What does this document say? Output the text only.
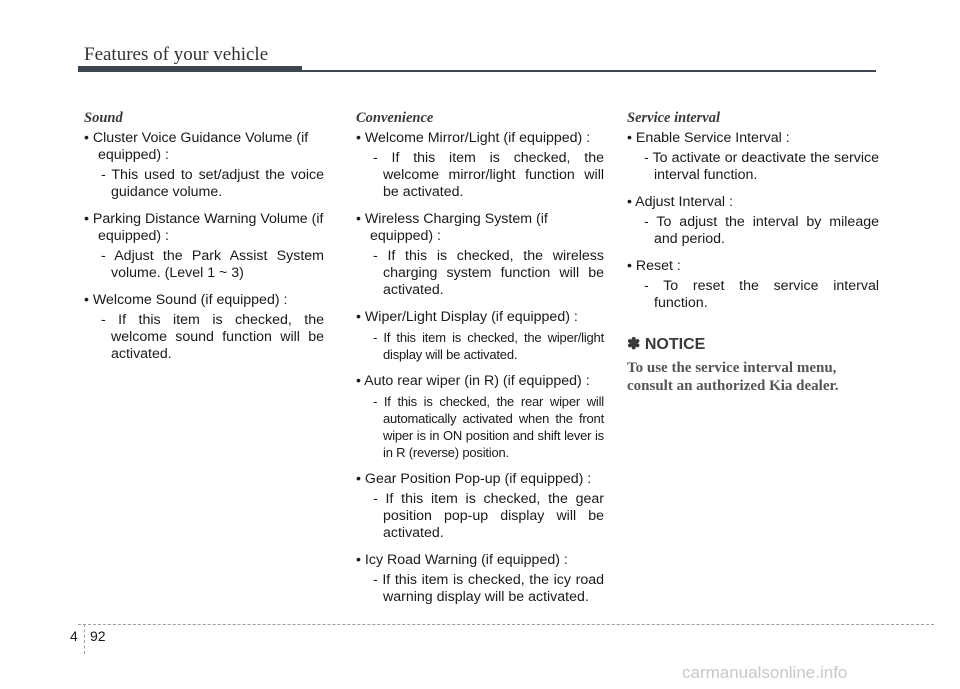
Features of your vehicle
Sound

• Cluster Voice Guidance Volume (if equipped) :

- This used to set/adjust the voice guidance volume.

• Parking Distance Warning Volume (if equipped) :

- Adjust the Park Assist System volume. (Level 1 ~ 3)

• Welcome Sound (if equipped) :

- If this item is checked, the welcome sound function will be activated.

Convenience

• Welcome Mirror/Light (if equipped) :

- If this item is checked, the welcome mirror/light function will be activated.

• Wireless Charging System (if equipped) :

- If this is checked, the wireless charging system function will be activated.

• Wiper/Light Display (if equipped) :

- If this item is checked, the wiper/light display will be activated.

• Auto rear wiper (in R) (if equipped) :

- If this is checked, the rear wiper will automatically activated when the front wiper is in ON position and shift lever is in R (reverse) position.

• Gear Position Pop-up (if equipped) :

- If this item is checked, the gear position pop-up display will be activated.

• Icy Road Warning (if equipped) :

- If this item is checked, the icy road warning display will be activated.

Service interval

• Enable Service Interval :

- To activate or deactivate the service interval function.

• Adjust Interval :

- To adjust the interval by mileage and period.

• Reset :

- To reset the service interval function.

✽ NOTICE

To use the service interval menu, consult an authorized Kia dealer.

4 92
carmanualsonline.info
